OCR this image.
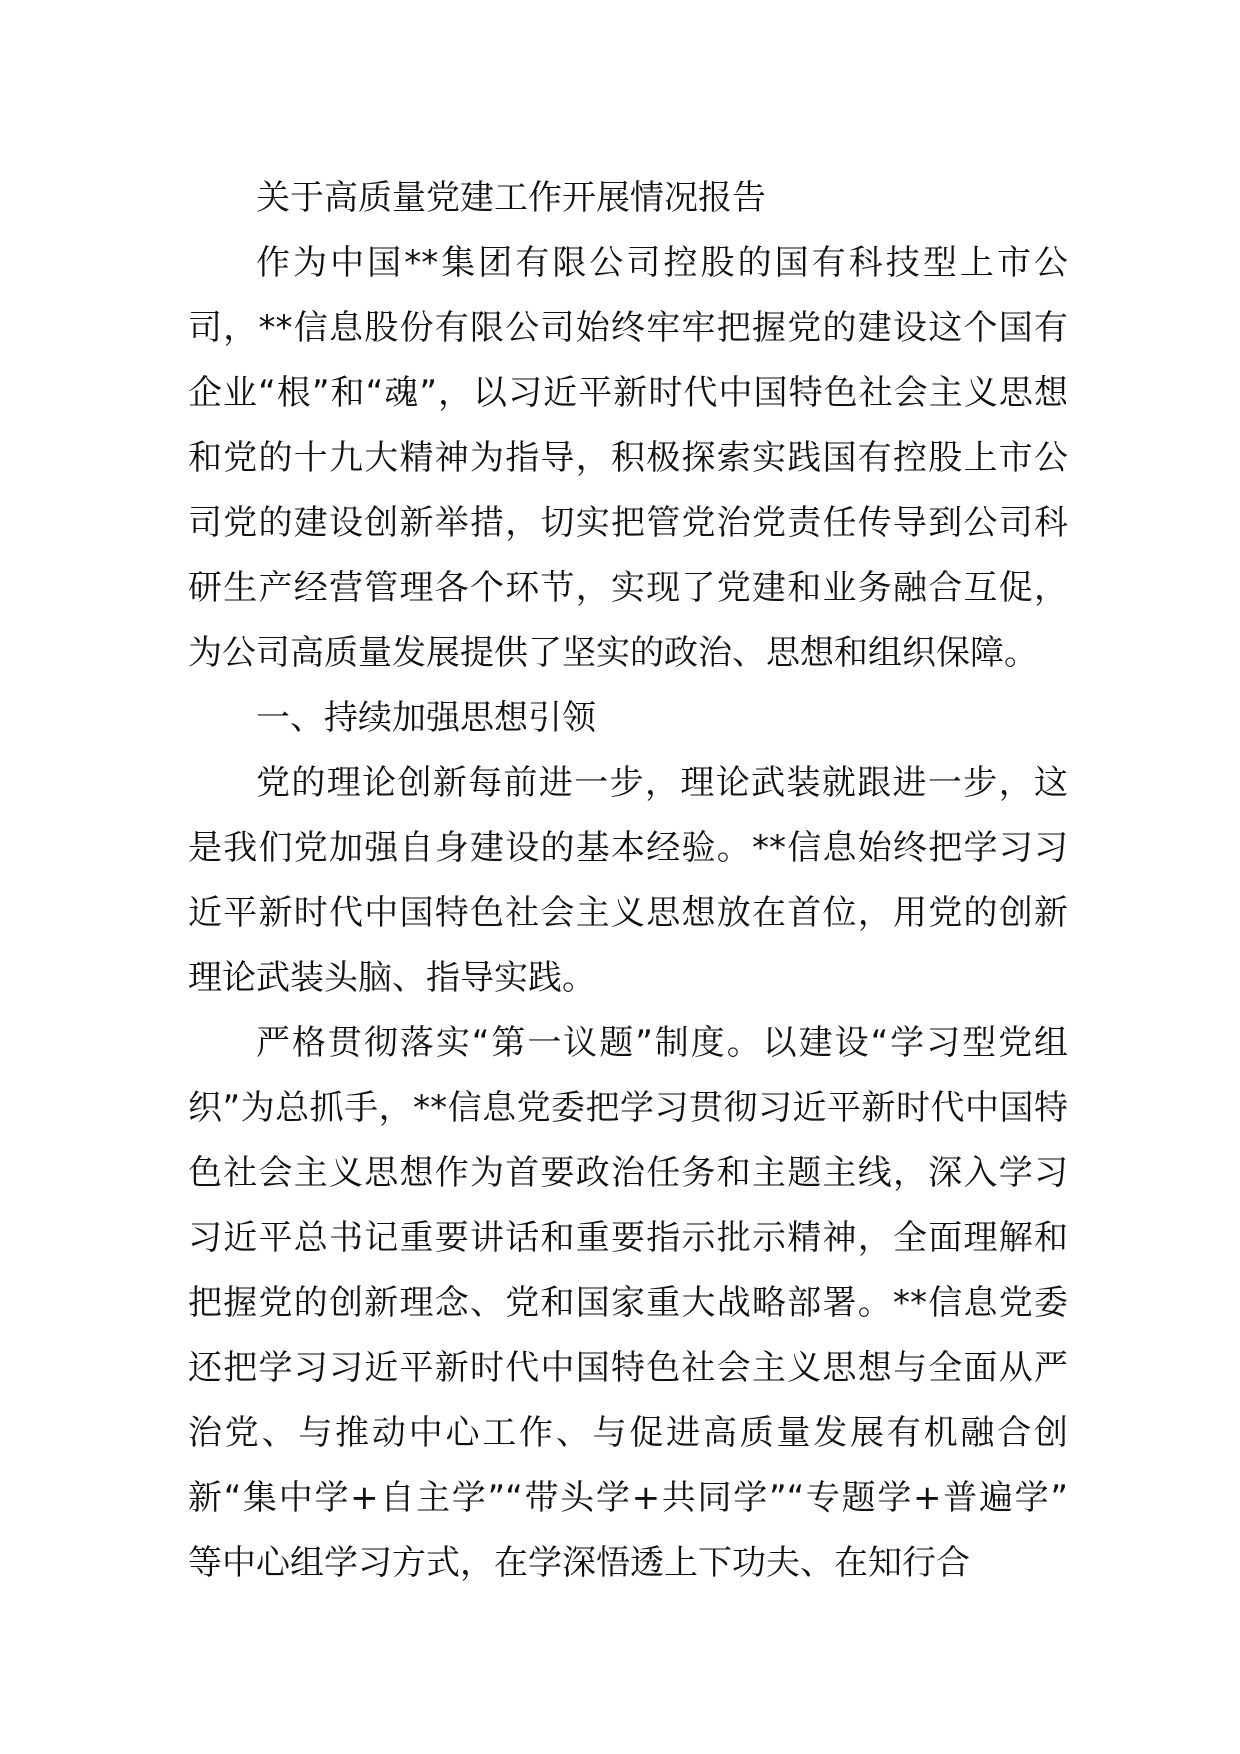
关于高质量党建工作开展情况报告

作为中国**集团有限公司控股的国有科技型上市公司，**信息股份有限公司始终牢牢把握党的建设这个国有企业“根”和“魂”，以习近平新时代中国特色社会主义思想和党的十九大精神为指导，积极探索实践国有控股上市公司党的建设创新举措，切实把管党治党责任传导到公司科研生产经营管理各个环节，实现了党建和业务融合互促，为公司高质量发展提供了坚实的政治、思想和组织保障。

一、持续加强思想引领

党的理论创新每前进一步，理论武装就跟进一步，这是我们党加强自身建设的基本经验。**信息始终把学习习近平新时代中国特色社会主义思想放在首位，用党的创新理论武装头脑、指导实践。

严格贯彻落实“第一议题”制度。以建设“学习型党组织”为总抓手，**信息党委把学习贯彻习近平新时代中国特色社会主义思想作为首要政治任务和主题主线，深入学习习近平总书记重要讲话和重要指示批示精神，全面理解和把握党的创新理念、党和国家重大战略部署。**信息党委还把学习习近平新时代中国特色社会主义思想与全面从严治党、与推动中心工作、与促进高质量发展有机融合创新“集中学+自主学”“带头学+共同学”“专题学+普遍学” 等中心组学习方式，在学深悟透上下功夫、在知行合
